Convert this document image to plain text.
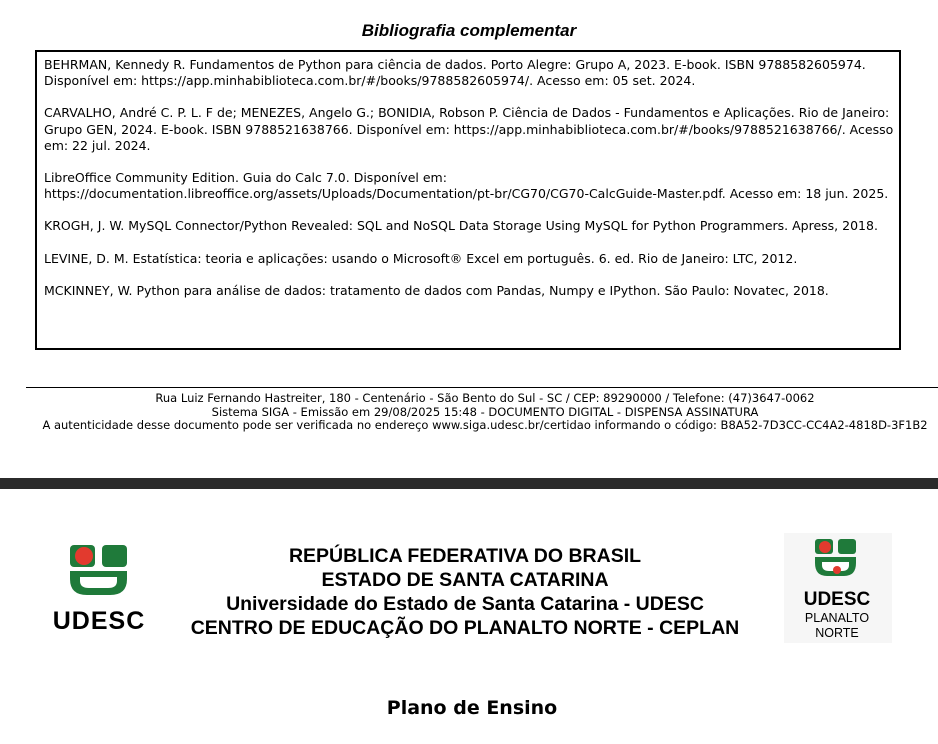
Bibliografia complementar
BEHRMAN, Kennedy R. Fundamentos de Python para ciência de dados. Porto Alegre: Grupo A, 2023. E-book. ISBN 9788582605974. Disponível em: https://app.minhabiblioteca.com.br/#/books/9788582605974/. Acesso em: 05 set. 2024.
CARVALHO, André C. P. L. F de; MENEZES, Angelo G.; BONIDIA, Robson P. Ciência de Dados - Fundamentos e Aplicações. Rio de Janeiro: Grupo GEN, 2024. E-book. ISBN 9788521638766. Disponível em: https://app.minhabiblioteca.com.br/#/books/9788521638766/. Acesso em: 22 jul. 2024.
LibreOffice Community Edition. Guia do Calc 7.0. Disponível em: https://documentation.libreoffice.org/assets/Uploads/Documentation/pt-br/CG70/CG70-CalcGuide-Master.pdf. Acesso em: 18 jun. 2025.
KROGH, J. W. MySQL Connector/Python Revealed: SQL and NoSQL Data Storage Using MySQL for Python Programmers. Apress, 2018.
LEVINE, D. M. Estatística: teoria e aplicações: usando o Microsoft® Excel em português. 6. ed. Rio de Janeiro: LTC, 2012.
MCKINNEY, W. Python para análise de dados: tratamento de dados com Pandas, Numpy e IPython. São Paulo: Novatec, 2018.
Rua Luiz Fernando Hastreiter, 180 - Centenário - São Bento do Sul - SC / CEP: 89290000 / Telefone: (47)3647-0062
Sistema SIGA - Emissão em 29/08/2025 15:48 - DOCUMENTO DIGITAL - DISPENSA ASSINATURA
A autenticidade desse documento pode ser verificada no endereço www.siga.udesc.br/certidao informando o código: B8A52-7D3CC-CC4A2-4818D-3F1B2
UDESC
UDESC
PLANALTO
NORTE
REPÚBLICA FEDERATIVA DO BRASIL
ESTADO DE SANTA CATARINA
Universidade do Estado de Santa Catarina - UDESC
CENTRO DE EDUCAÇÃO DO PLANALTO NORTE - CEPLAN
Plano de Ensino
